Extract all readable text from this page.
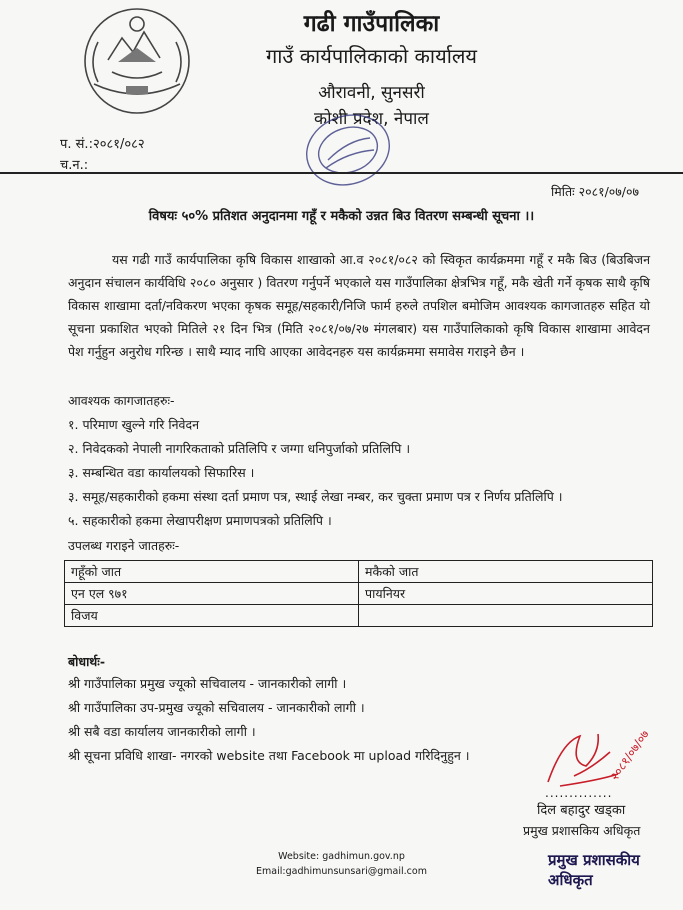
गढी गाउँपालिका
गाउँ कार्यपालिकाको कार्यालय
औरावनी, सुनसरी
कोशी प्रदेश, नेपाल
प. सं.:२०८१/०८२
च.न.:
मितिः २०८१/०७/०७
विषयः ५०% प्रतिशत अनुदानमा गहूँ र मकैको उन्नत बिउ वितरण सम्बन्धी सूचना ।।
यस गढी गाउँ कार्यपालिका कृषि विकास शाखाको आ.व २०८१/०८२ को स्विकृत कार्यक्रममा गहूँ र मकै बिउ (बिउबिजन अनुदान संचालन कार्यविधि २०८० अनुसार ) वितरण गर्नुपर्ने भएकाले यस गाउँपालिका क्षेत्रभित्र गहूँ, मकै खेती गर्ने कृषक साथै कृषि विकास शाखामा दर्ता/नविकरण भएका कृषक समूह/सहकारी/निजि फार्म हरुले तपशिल बमोजिम आवश्यक कागजातहरु सहित यो सूचना प्रकाशित भएको मितिले २१ दिन भित्र (मिति २०८१/०७/२७ मंगलबार) यस गाउँपालिकाको कृषि विकास शाखामा आवेदन पेश गर्नुहुन अनुरोध गरिन्छ । साथै म्याद नाघि आएका आवेदनहरु यस कार्यक्रममा समावेस गराइने छैन ।
आवश्यक कागजातहरुः-
१. परिमाण खुल्ने गरि निवेदन
२. निवेदकको नेपाली नागरिकताको प्रतिलिपि र जग्गा धनिपुर्जाको प्रतिलिपि ।
३. सम्बन्धित वडा कार्यालयको सिफारिस ।
३. समूह/सहकारीको हकमा संस्था दर्ता प्रमाण पत्र, स्थाई लेखा नम्बर, कर चुक्ता प्रमाण पत्र र निर्णय प्रतिलिपि ।
५. सहकारीको हकमा लेखापरीक्षण प्रमाणपत्रको प्रतिलिपि ।
उपलब्ध गराइने जातहरुः-
गहूँको जात	मकैको जात
एन एल ९७१	पायनियर
विजय	
बोधार्थः-
श्री गाउँपालिका प्रमुख ज्यूको सचिवालय - जानकारीको लागी ।
श्री गाउँपालिका उप-प्रमुख ज्यूको सचिवालय - जानकारीको लागी ।
श्री सबै वडा कार्यालय जानकारीको लागी ।
श्री सूचना प्रविधि शाखा- नगरको website तथा Facebook मा upload गरिदिनुहुन ।	२०८१/०७/०७
..............
दिल बहादुर खड्का
प्रमुख प्रशासकिय अधिकृत
Website: gadhimun.gov.np
Email:gadhimunsunsari@gmail.com
प्रमुख प्रशासकीय अधिकृत
